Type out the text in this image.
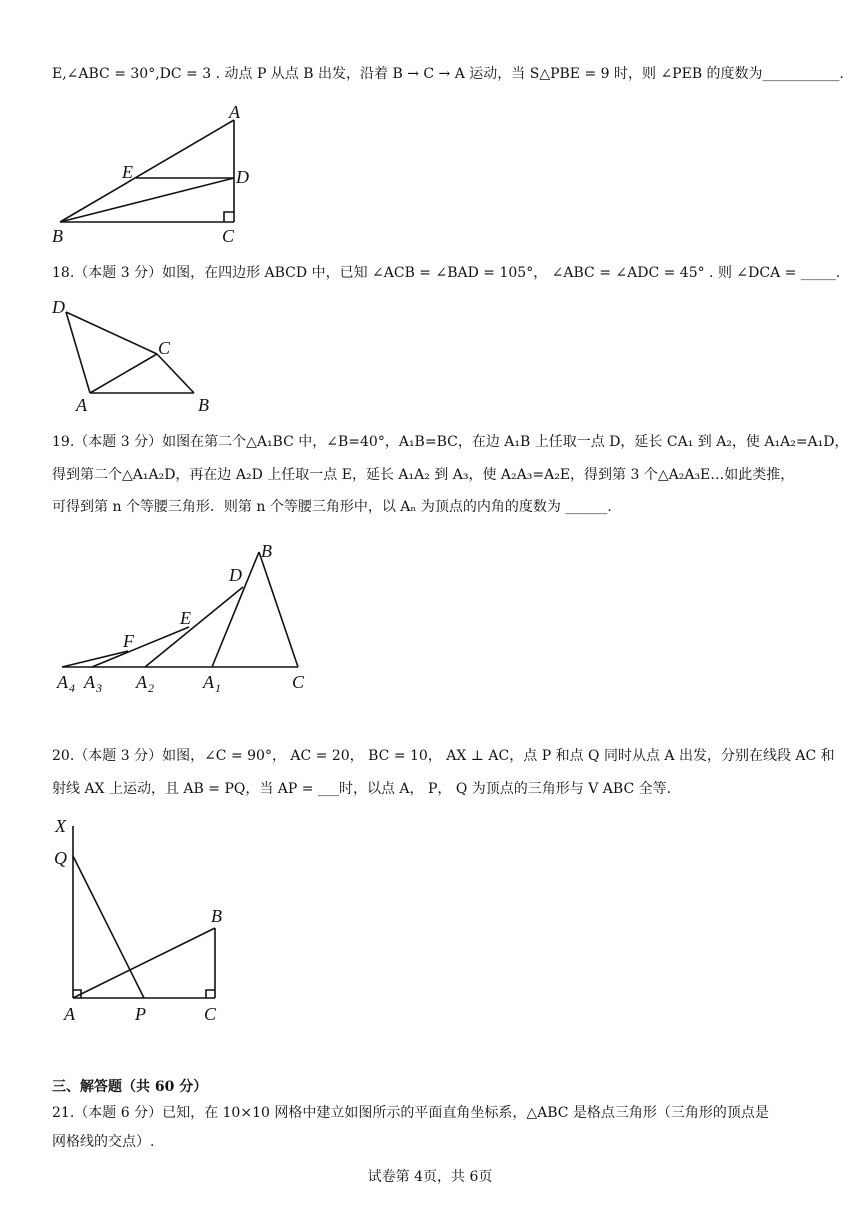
E,∠ABC = 30°,DC = 3 . 动点 P 从点 B 出发，沿着 B → C → A 运动，当 S△PBE = 9 时，则 ∠PEB 的度数为___________.
A
E	D
B	C
18.（本题 3 分）如图，在四边形 ABCD 中，已知 ∠ACB = ∠BAD = 105°， ∠ABC = ∠ADC = 45° . 则 ∠DCA = _____.
D
C
A	B
19.（本题 3 分）如图在第二个△A₁BC 中，∠B=40°，A₁B=BC，在边 A₁B 上任取一点 D，延长 CA₁ 到 A₂，使 A₁A₂=A₁D，
得到第二个△A₁A₂D，再在边 A₂D 上任取一点 E，延长 A₁A₂ 到 A₃，使 A₂A₃=A₂E，得到第 3 个△A₂A₃E…如此类推，
可得到第 n 个等腰三角形．则第 n 个等腰三角形中，以 Aₙ 为顶点的内角的度数为 ______.
B
D
E
F
$A_4$ $A_3$ $A_2$	$A_1$	C
20.（本题 3 分）如图，∠C = 90°， AC = 20， BC = 10， AX ⊥ AC，点 P 和点 Q 同时从点 A 出发，分别在线段 AC 和
射线 AX 上运动，且 AB = PQ，当 AP = ___时，以点 A， P， Q 为顶点的三角形与 V ABC 全等.
X
Q
B
A	P	C
三、解答题（共 60 分）
21.（本题 6 分）已知，在 10×10 网格中建立如图所示的平面直角坐标系，△ABC 是格点三角形（三角形的顶点是
网格线的交点）.
试卷第 4页，共 6页
